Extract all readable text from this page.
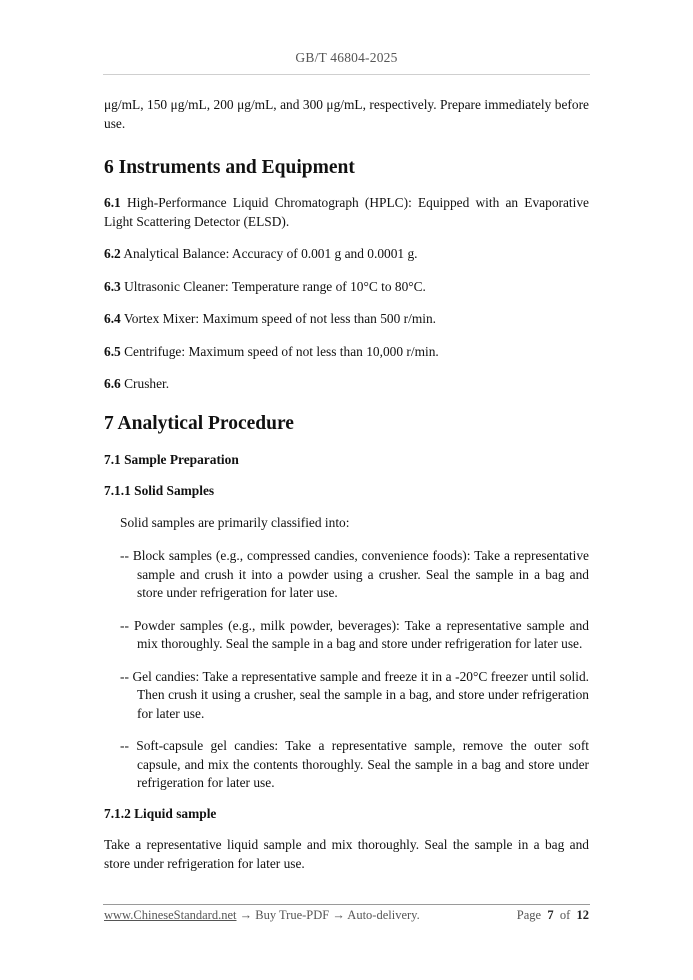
GB/T 46804-2025

μg/mL, 150 μg/mL, 200 μg/mL, and 300 μg/mL, respectively. Prepare immediately before use.

6 Instruments and Equipment

6.1 High-Performance Liquid Chromatograph (HPLC): Equipped with an Evaporative Light Scattering Detector (ELSD).

6.2 Analytical Balance: Accuracy of 0.001 g and 0.0001 g.

6.3 Ultrasonic Cleaner: Temperature range of 10°C to 80°C.

6.4 Vortex Mixer: Maximum speed of not less than 500 r/min.

6.5 Centrifuge: Maximum speed of not less than 10,000 r/min.

6.6 Crusher.

7 Analytical Procedure
7.1 Sample Preparation
7.1.1 Solid Samples

Solid samples are primarily classified into:

-- Block samples (e.g., compressed candies, convenience foods): Take a representative sample and crush it into a powder using a crusher. Seal the sample in a bag and store under refrigeration for later use.

-- Powder samples (e.g., milk powder, beverages): Take a representative sample and mix thoroughly. Seal the sample in a bag and store under refrigeration for later use.

-- Gel candies: Take a representative sample and freeze it in a -20°C freezer until solid. Then crush it using a crusher, seal the sample in a bag, and store under refrigeration for later use.

-- Soft-capsule gel candies: Take a representative sample, remove the outer soft capsule, and mix the contents thoroughly. Seal the sample in a bag and store under refrigeration for later use.

7.1.2 Liquid sample

Take a representative liquid sample and mix thoroughly. Seal the sample in a bag and store under refrigeration for later use.

www.ChineseStandard.net → Buy True-PDF → Auto-delivery.	Page 7 of 12
